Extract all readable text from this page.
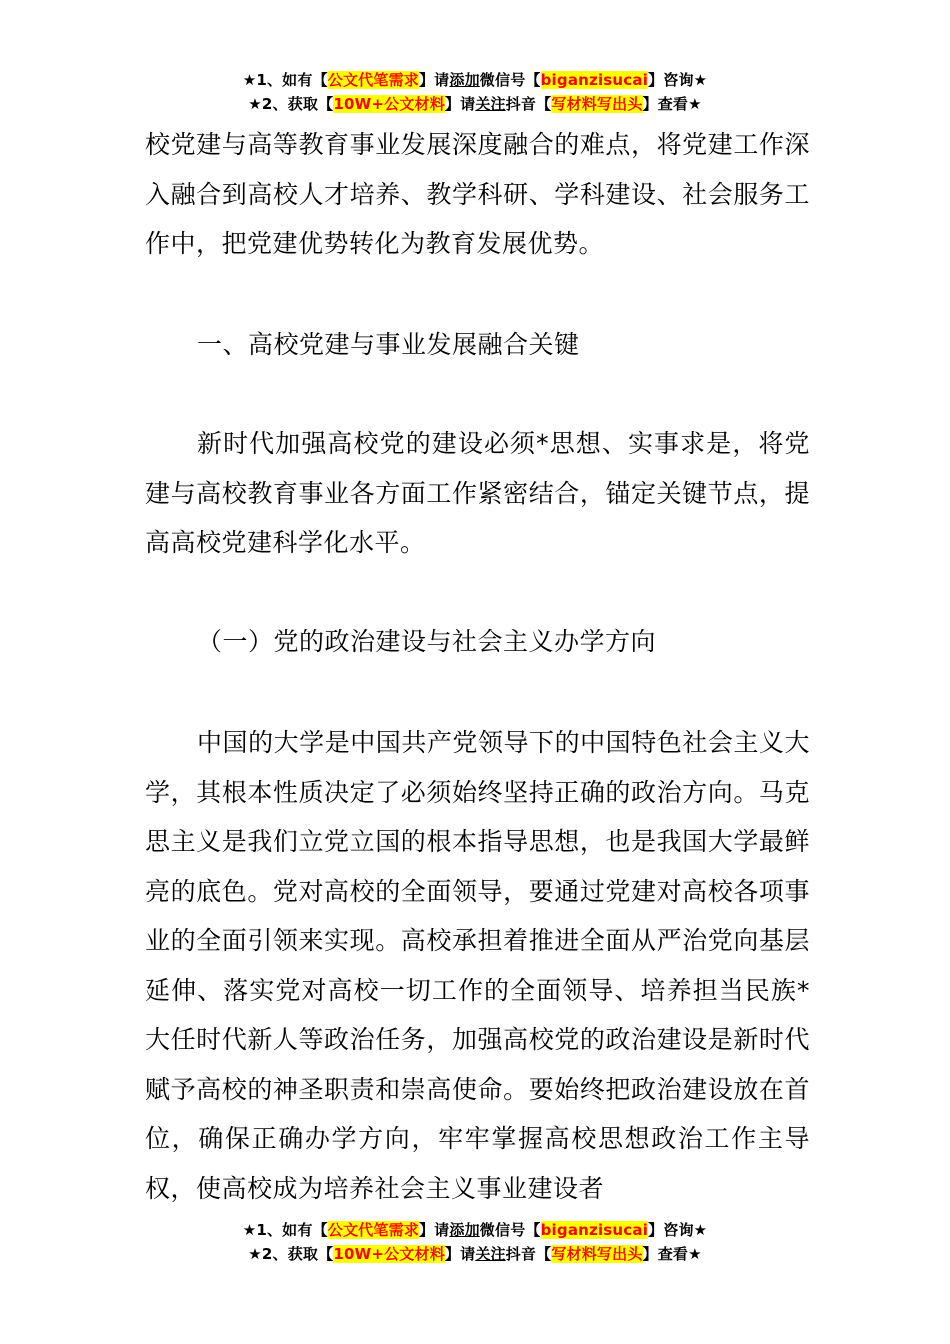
★1、如有【公文代笔需求】请添加微信号【biganzisucai】咨询★
★2、获取【10W+公文材料】请关注抖音【写材料写出头】查看★
校党建与高等教育事业发展深度融合的难点，将党建工作深入融合到高校人才培养、教学科研、学科建设、社会服务工作中，把党建优势转化为教育发展优势。
一、高校党建与事业发展融合关键
新时代加强高校党的建设必须*思想、实事求是，将党建与高校教育事业各方面工作紧密结合，锚定关键节点，提高高校党建科学化水平。
（一）党的政治建设与社会主义办学方向
中国的大学是中国共产党领导下的中国特色社会主义大学，其根本性质决定了必须始终坚持正确的政治方向。马克思主义是我们立党立国的根本指导思想，也是我国大学最鲜亮的底色。党对高校的全面领导，要通过党建对高校各项事业的全面引领来实现。高校承担着推进全面从严治党向基层延伸、落实党对高校一切工作的全面领导、培养担当民族*大任时代新人等政治任务，加强高校党的政治建设是新时代赋予高校的神圣职责和崇高使命。要始终把政治建设放在首位，确保正确办学方向，牢牢掌握高校思想政治工作主导权，使高校成为培养社会主义事业建设者
★1、如有【公文代笔需求】请添加微信号【biganzisucai】咨询★
★2、获取【10W+公文材料】请关注抖音【写材料写出头】查看★
